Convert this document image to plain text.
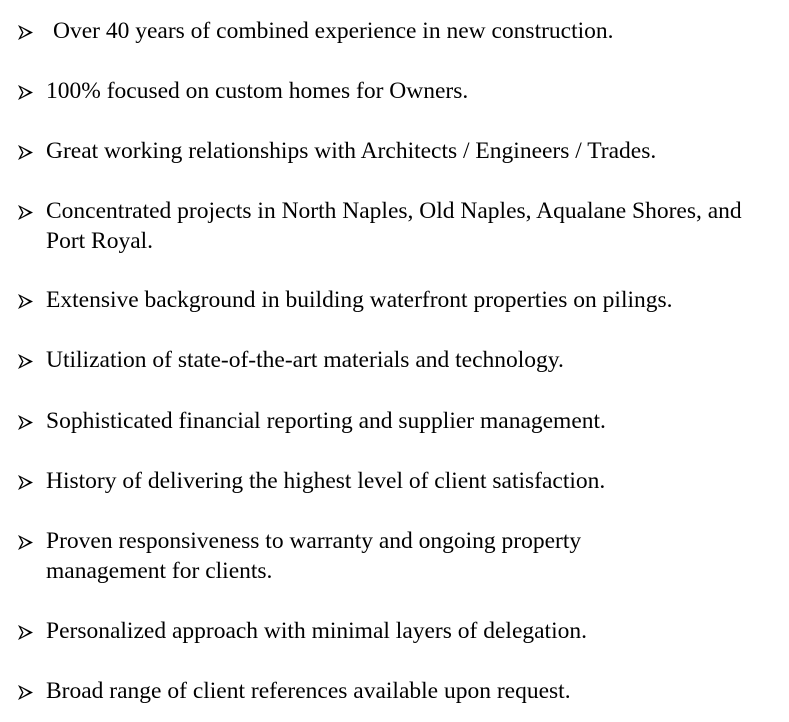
Over 40 years of combined experience in new construction.
100% focused on custom homes for Owners.
Great working relationships with Architects / Engineers / Trades.
Concentrated projects in North Naples, Old Naples, Aqualane Shores, and Port Royal.
Extensive background in building waterfront properties on pilings.
Utilization of state-of-the-art materials and technology.
Sophisticated financial reporting and supplier management.
History of delivering the highest level of client satisfaction.
Proven responsiveness to warranty and ongoing property management for clients.
Personalized approach with minimal layers of delegation.
Broad range of client references available upon request.
